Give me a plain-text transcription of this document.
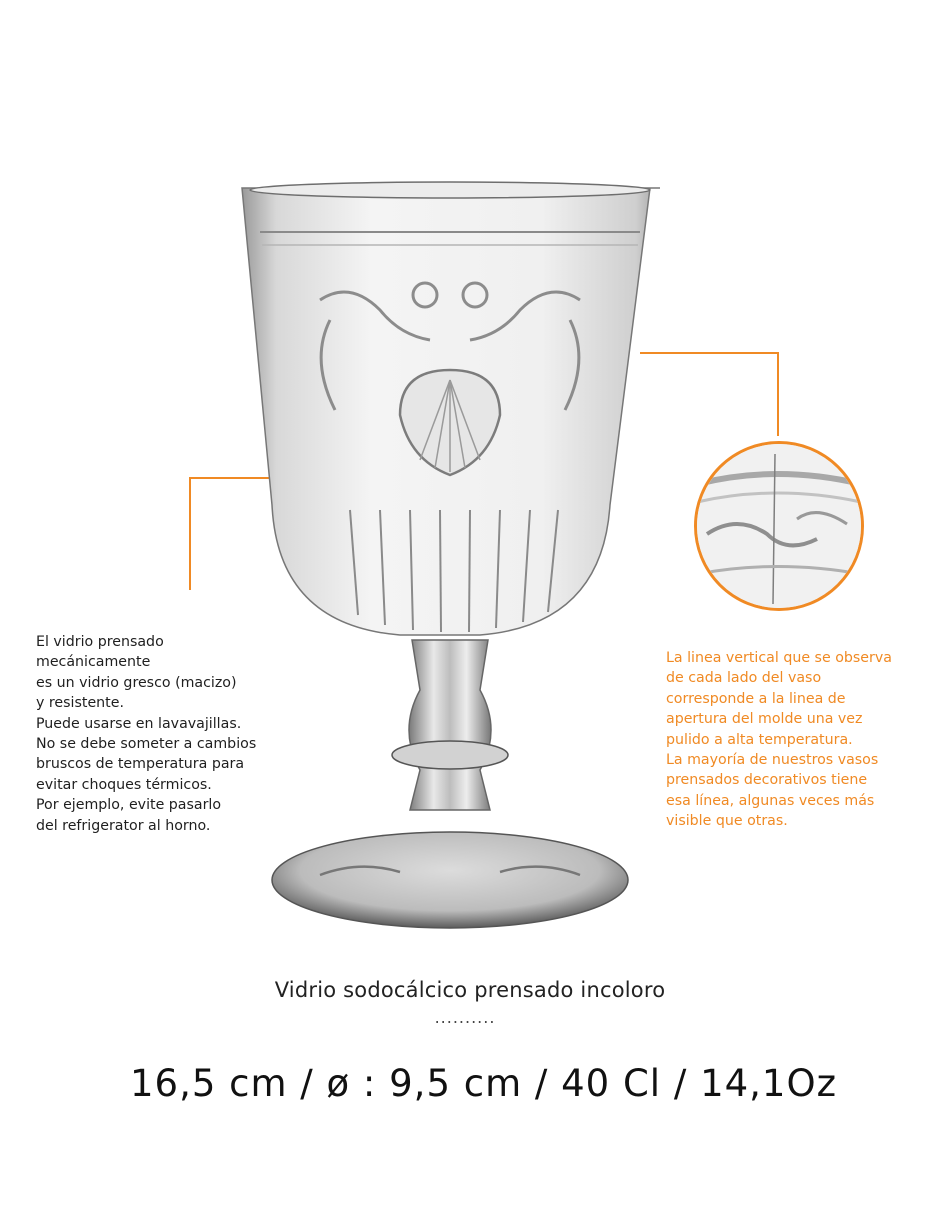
El vidrio prensado
mecánicamente
es un vidrio gresco (macizo)
y resistente.
Puede usarse en lavavajillas.
No se debe someter a cambios
bruscos de temperatura para
evitar choques térmicos.
Por ejemplo, evite pasarlo
del refrigerator al horno.
La linea vertical que se observa
de cada lado del vaso
corresponde a la linea de
apertura del molde una vez
pulido a alta temperatura.
La mayoría de nuestros vasos
prensados decorativos tiene
esa línea, algunas veces más
visible que otras.
Vidrio sodocálcico prensado incoloro
..........
16,5 cm / ø : 9,5 cm / 40 Cl / 14,1Oz
